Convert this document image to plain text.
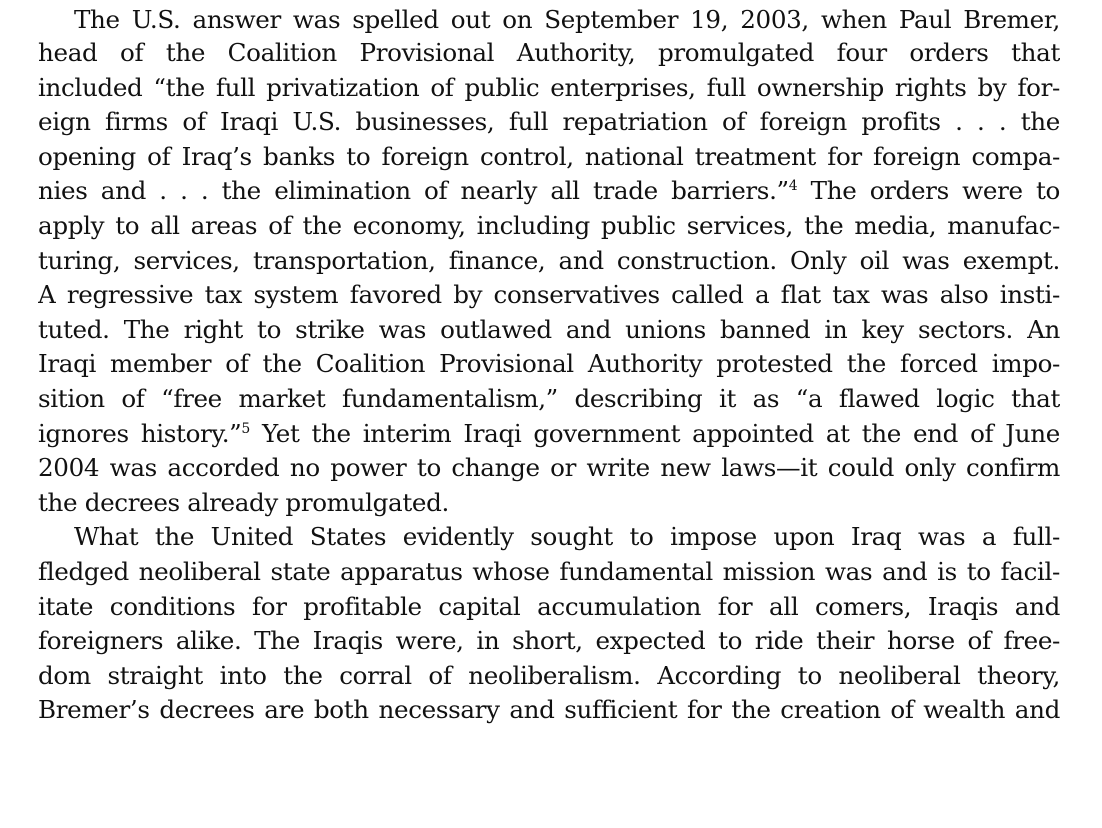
The U.S. answer was spelled out on September 19, 2003, when Paul Bremer,
head of the Coalition Provisional Authority, promulgated four orders that
included “the full privatization of public enterprises, full ownership rights by for-
eign firms of Iraqi U.S. businesses, full repatriation of foreign profits . . . the
opening of Iraq’s banks to foreign control, national treatment for foreign compa-
nies and . . . the elimination of nearly all trade barriers.”$^4$ The orders were to
apply to all areas of the economy, including public services, the media, manufac-
turing, services, transportation, finance, and construction. Only oil was exempt.
A regressive tax system favored by conservatives called a flat tax was also insti-
tuted. The right to strike was outlawed and unions banned in key sectors. An
Iraqi member of the Coalition Provisional Authority protested the forced impo-
sition of “free market fundamentalism,” describing it as “a flawed logic that
ignores history.”$^5$ Yet the interim Iraqi government appointed at the end of June
2004 was accorded no power to change or write new laws—it could only confirm
the decrees already promulgated.
What the United States evidently sought to impose upon Iraq was a full-
fledged neoliberal state apparatus whose fundamental mission was and is to facil-
itate conditions for profitable capital accumulation for all comers, Iraqis and
foreigners alike. The Iraqis were, in short, expected to ride their horse of free-
dom straight into the corral of neoliberalism. According to neoliberal theory,
Bremer’s decrees are both necessary and sufficient for the creation of wealth and
